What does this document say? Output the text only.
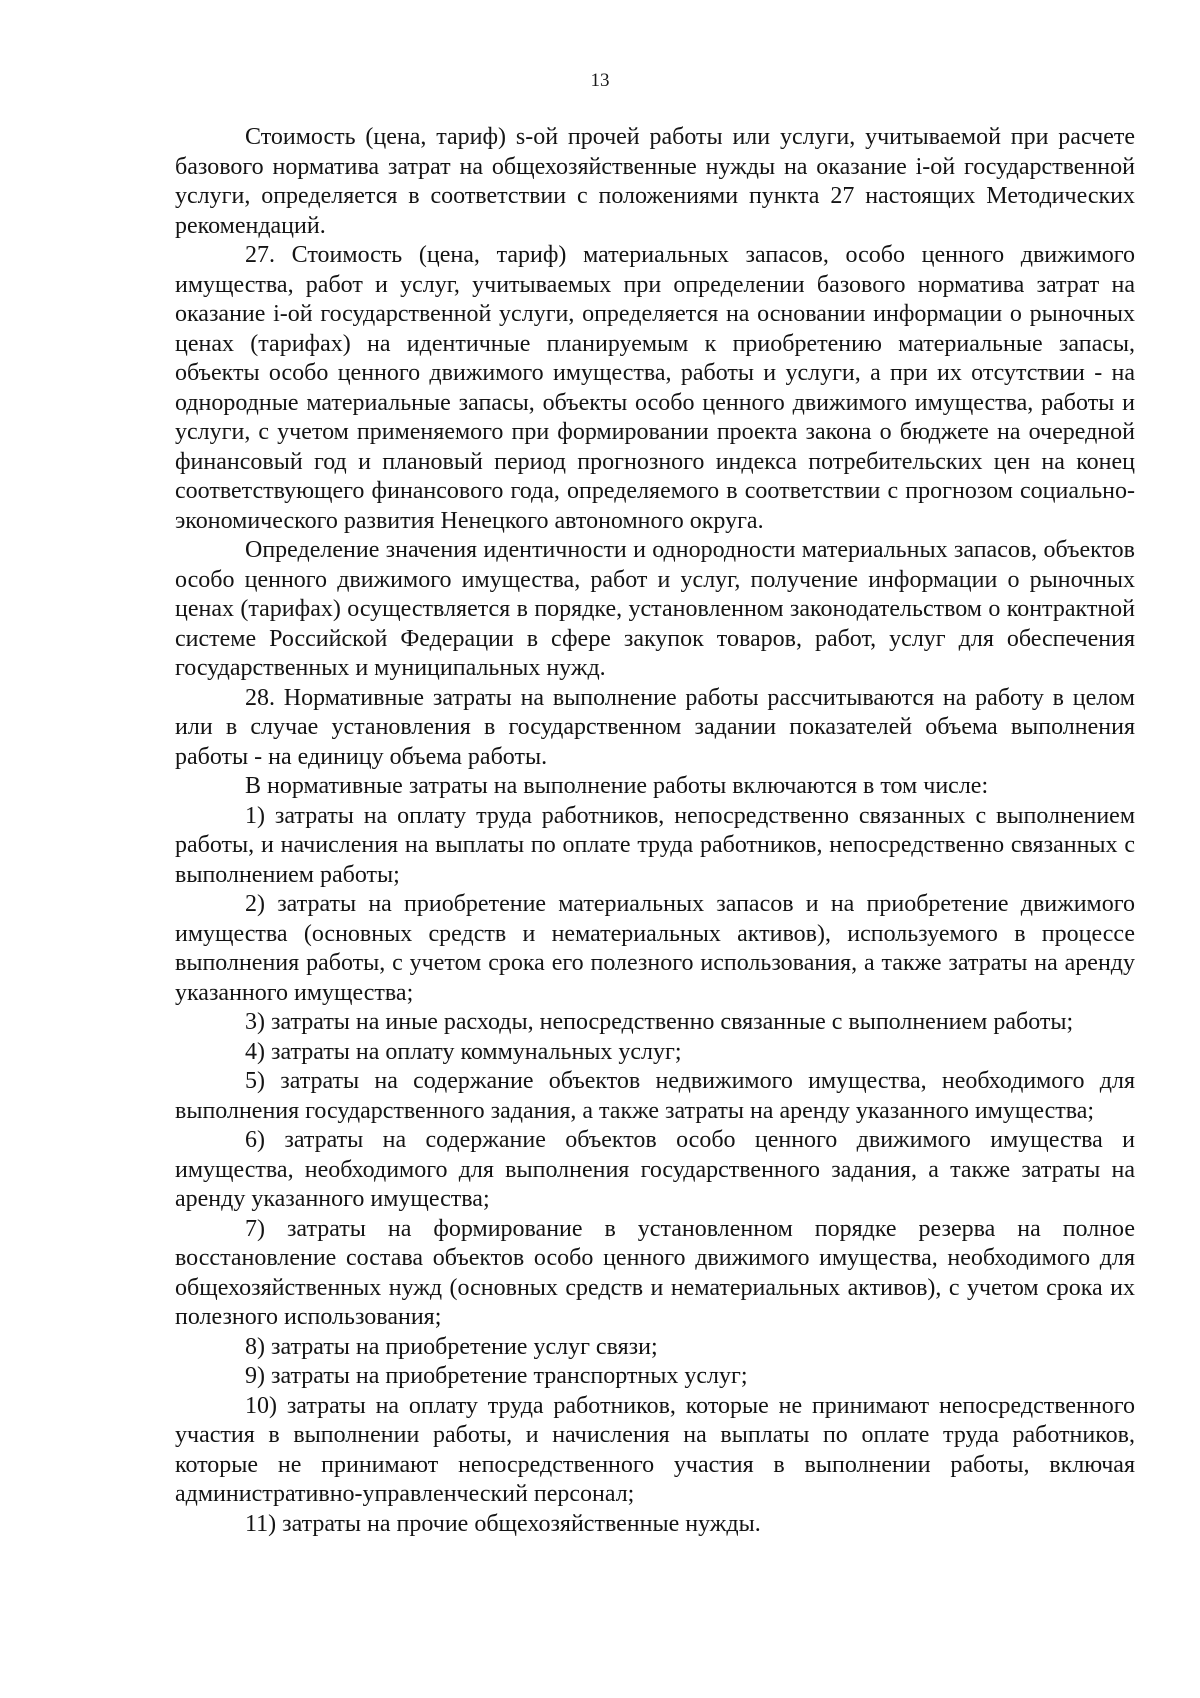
13

Стоимость (цена, тариф) s-ой прочей работы или услуги, учитываемой при расчете базового норматива затрат на общехозяйственные нужды на оказание i-ой государственной услуги, определяется в соответствии с положениями пункта 27 настоящих Методических рекомендаций.

27. Стоимость (цена, тариф) материальных запасов, особо ценного движимого имущества, работ и услуг, учитываемых при определении базового норматива затрат на оказание i-ой государственной услуги, определяется на основании информации о рыночных ценах (тарифах) на идентичные планируемым к приобретению материальные запасы, объекты особо ценного движимого имущества, работы и услуги, а при их отсутствии - на однородные материальные запасы, объекты особо ценного движимого имущества, работы и услуги, с учетом применяемого при формировании проекта закона о бюджете на очередной финансовый год и плановый период прогнозного индекса потребительских цен на конец соответствующего финансового года, определяемого в соответствии с прогнозом социально-экономического развития Ненецкого автономного округа.

Определение значения идентичности и однородности материальных запасов, объектов особо ценного движимого имущества, работ и услуг, получение информации о рыночных ценах (тарифах) осуществляется в порядке, установленном законодательством о контрактной системе Российской Федерации в сфере закупок товаров, работ, услуг для обеспечения государственных и муниципальных нужд.

28. Нормативные затраты на выполнение работы рассчитываются на работу в целом или в случае установления в государственном задании показателей объема выполнения работы - на единицу объема работы.

В нормативные затраты на выполнение работы включаются в том числе:

1) затраты на оплату труда работников, непосредственно связанных с выполнением работы, и начисления на выплаты по оплате труда работников, непосредственно связанных с выполнением работы;

2) затраты на приобретение материальных запасов и на приобретение движимого имущества (основных средств и нематериальных активов), используемого в процессе выполнения работы, с учетом срока его полезного использования, а также затраты на аренду указанного имущества;

3) затраты на иные расходы, непосредственно связанные с выполнением работы;

4) затраты на оплату коммунальных услуг;

5) затраты на содержание объектов недвижимого имущества, необходимого для выполнения государственного задания, а также затраты на аренду указанного имущества;

6) затраты на содержание объектов особо ценного движимого имущества и имущества, необходимого для выполнения государственного задания, а также затраты на аренду указанного имущества;

7) затраты на формирование в установленном порядке резерва на полное восстановление состава объектов особо ценного движимого имущества, необходимого для общехозяйственных нужд (основных средств и нематериальных активов), с учетом срока их полезного использования;

8) затраты на приобретение услуг связи;

9) затраты на приобретение транспортных услуг;

10) затраты на оплату труда работников, которые не принимают непосредственного участия в выполнении работы, и начисления на выплаты по оплате труда работников, которые не принимают непосредственного участия в выполнении работы, включая административно-управленческий персонал;

11) затраты на прочие общехозяйственные нужды.
